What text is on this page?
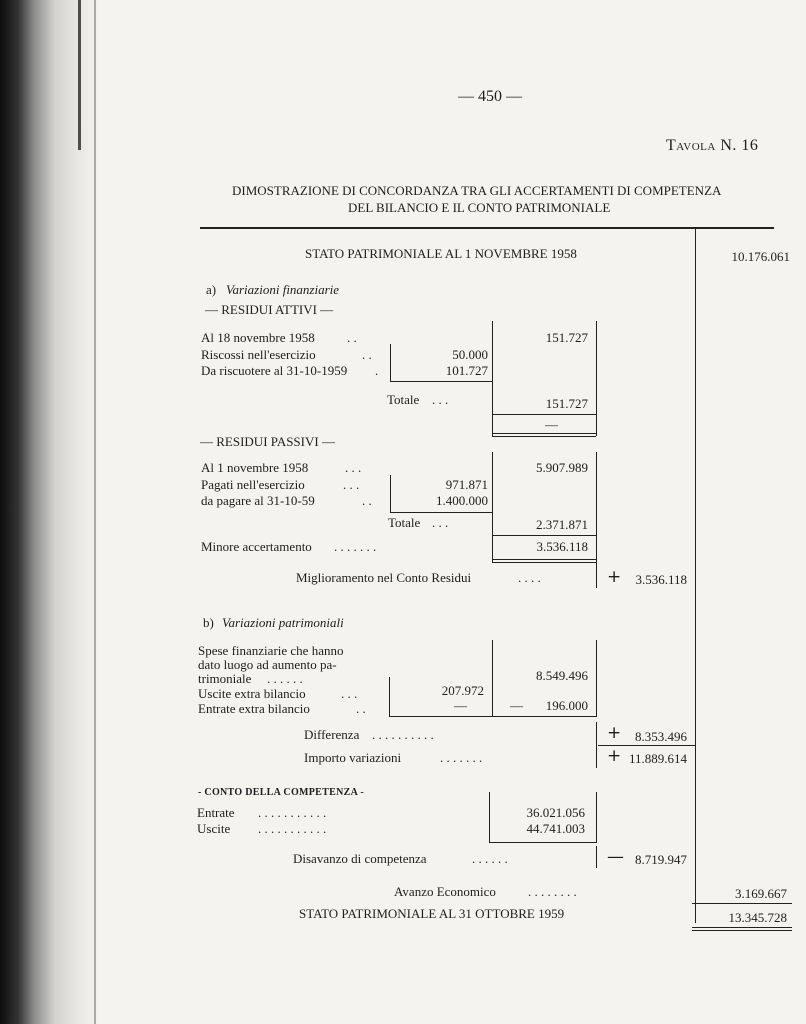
— 450 —
Tavola N. 16
DIMOSTRAZIONE DI CONCORDANZA TRA GLI ACCERTAMENTI DI COMPETENZA
DEL BILANCIO E IL CONTO PATRIMONIALE
STATO PATRIMONIALE AL 1 NOVEMBRE 1958	10.176.061
a) Variazioni finanziarie
— RESIDUI ATTIVI —
Al 18 novembre 1958 . .	151.727
Riscossi nell'esercizio	. .	50.000
Da riscuotere al 31-10-1959 .	101.727
Totale . . .	151.727
—
— RESIDUI PASSIVI —
Al 1 novembre 1958	. . .	5.907.989
Pagati nell'esercizio	. . .	971.871
da pagare al 31-10-59	. .	1.400.000
Totale . . .	2.371.871
Minore accertamento . . . . . . .	3.536.118
Miglioramento nel Conto Residui	. . . .	+	3.536.118
b) Variazioni patrimoniali
Spese finanziarie che hanno
dato luogo ad aumento pa-
trimoniale . . . . . .	8.549.496
Uscite extra bilancio	. . .	207.972
Entrate extra bilancio	. .	—	—	196.000
Differenza . . . . . . . . . .	+	8.353.496
Importo variazioni	. . . . . . .	+ 11.889.614
- CONTO DELLA COMPETENZA -
Entrate . . . . . . . . . . .	36.021.056
Uscite . . . . . . . . . . .	44.741.003
Disavanzo di competenza	. . . . . .	— 8.719.947
Avanzo Economico . . . . . . . .	3.169.667
STATO PATRIMONIALE AL 31 OTTOBRE 1959	13.345.728
